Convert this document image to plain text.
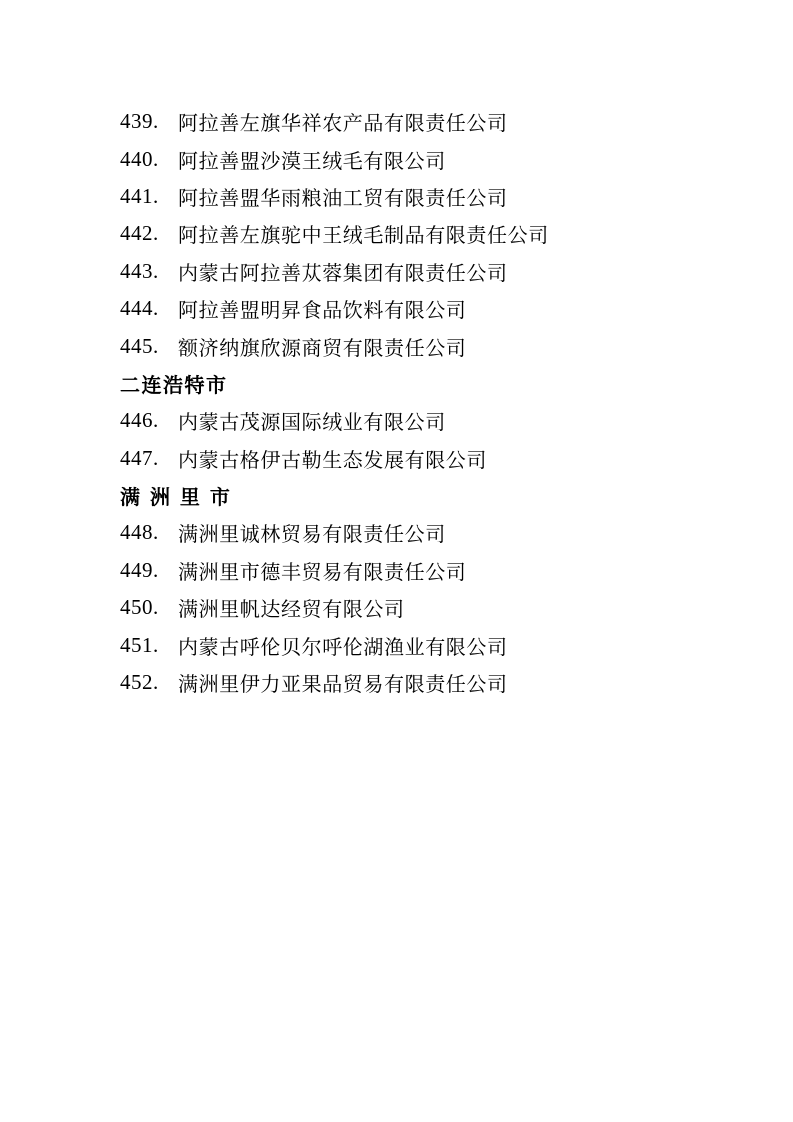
439. 阿拉善左旗华祥农产品有限责任公司
440. 阿拉善盟沙漠王绒毛有限公司
441. 阿拉善盟华雨粮油工贸有限责任公司
442. 阿拉善左旗驼中王绒毛制品有限责任公司
443. 内蒙古阿拉善苁蓉集团有限责任公司
444. 阿拉善盟明昇食品饮料有限公司
445. 额济纳旗欣源商贸有限责任公司
二连浩特市
446. 内蒙古茂源国际绒业有限公司
447. 内蒙古格伊古勒生态发展有限公司
满 洲 里 市
448. 满洲里诚林贸易有限责任公司
449. 满洲里市德丰贸易有限责任公司
450. 满洲里帆达经贸有限公司
451. 内蒙古呼伦贝尔呼伦湖渔业有限公司
452. 满洲里伊力亚果品贸易有限责任公司
